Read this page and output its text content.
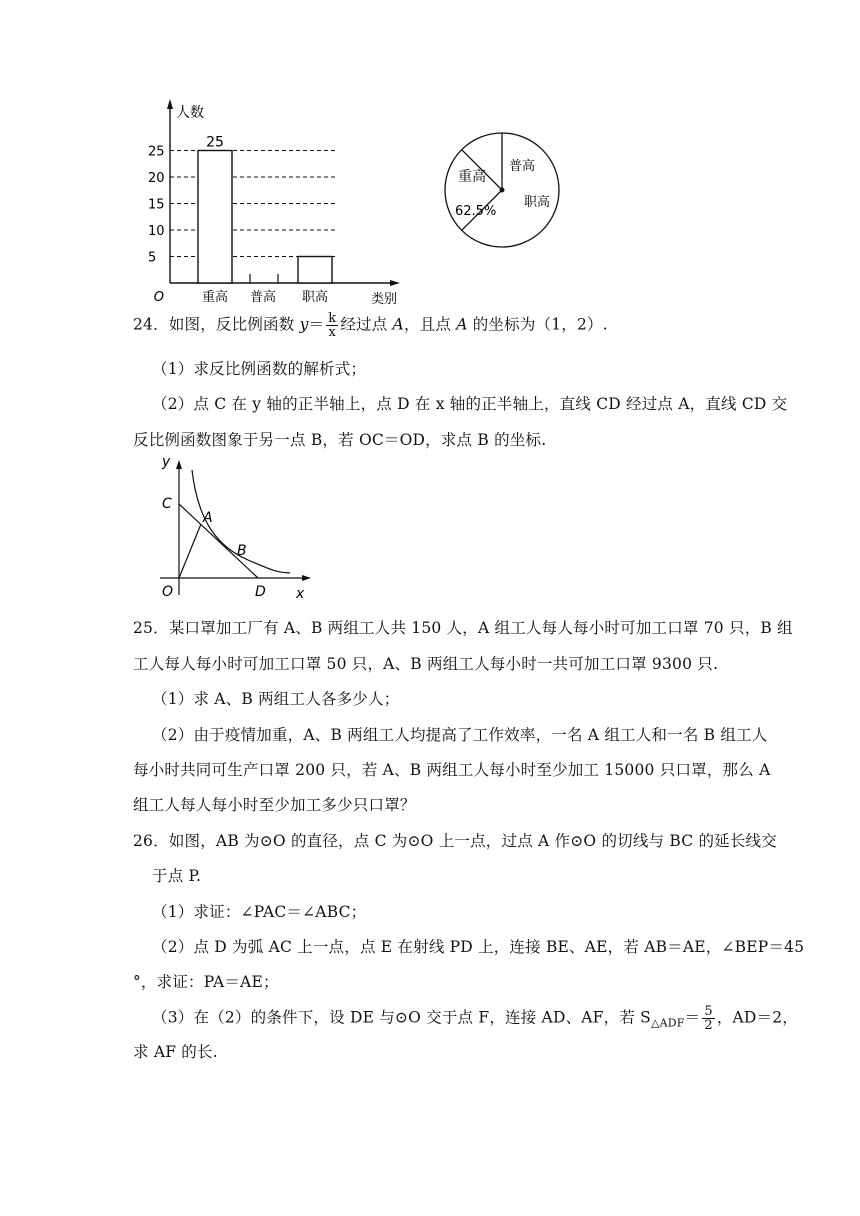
5
10
15
20
25
重高 普高 职高
25
人数
类别
O
重高
62.5%
普高
职高
24．如图，反比例函数 $y= \frac{k}{x}$ 经过点 A，且点 A 的坐标为（1，2）.
（1）求反比例函数的解析式；
（2）点 C 在 y 轴的正半轴上，点 D 在 x 轴的正半轴上，直线 CD 经过点 A，直线 CD 交
反比例函数图象于另一点 B，若 OC＝OD，求点 B 的坐标.
y
C
A
B
O	D x
25．某口罩加工厂有 A、B 两组工人共 150 人，A 组工人每人每小时可加工口罩 70 只，B 组
工人每人每小时可加工口罩 50 只，A、B 两组工人每小时一共可加工口罩 9300 只.
（1）求 A、B 两组工人各多少人；
（2）由于疫情加重，A、B 两组工人均提高了工作效率，一名 A 组工人和一名 B 组工人
每小时共同可生产口罩 200 只，若 A、B 两组工人每小时至少加工 15000 只口罩，那么 A
组工人每人每小时至少加工多少只口罩？
26．如图，AB 为⊙O 的直径，点 C 为⊙O 上一点，过点 A 作⊙O 的切线与 BC 的延长线交
于点 P.
（1）求证：∠PAC＝∠ABC；
（2）点 D 为弧 AC 上一点，点 E 在射线 PD 上，连接 BE、AE，若 AB＝AE，∠BEP＝45
°，求证：PA＝AE；
（3）在（2）的条件下，设 DE 与⊙O 交于点 F，连接 AD、AF，若 $S_{\triangle ADF}= \frac{5}{2}$ ，AD＝2，
求 AF 的长.
